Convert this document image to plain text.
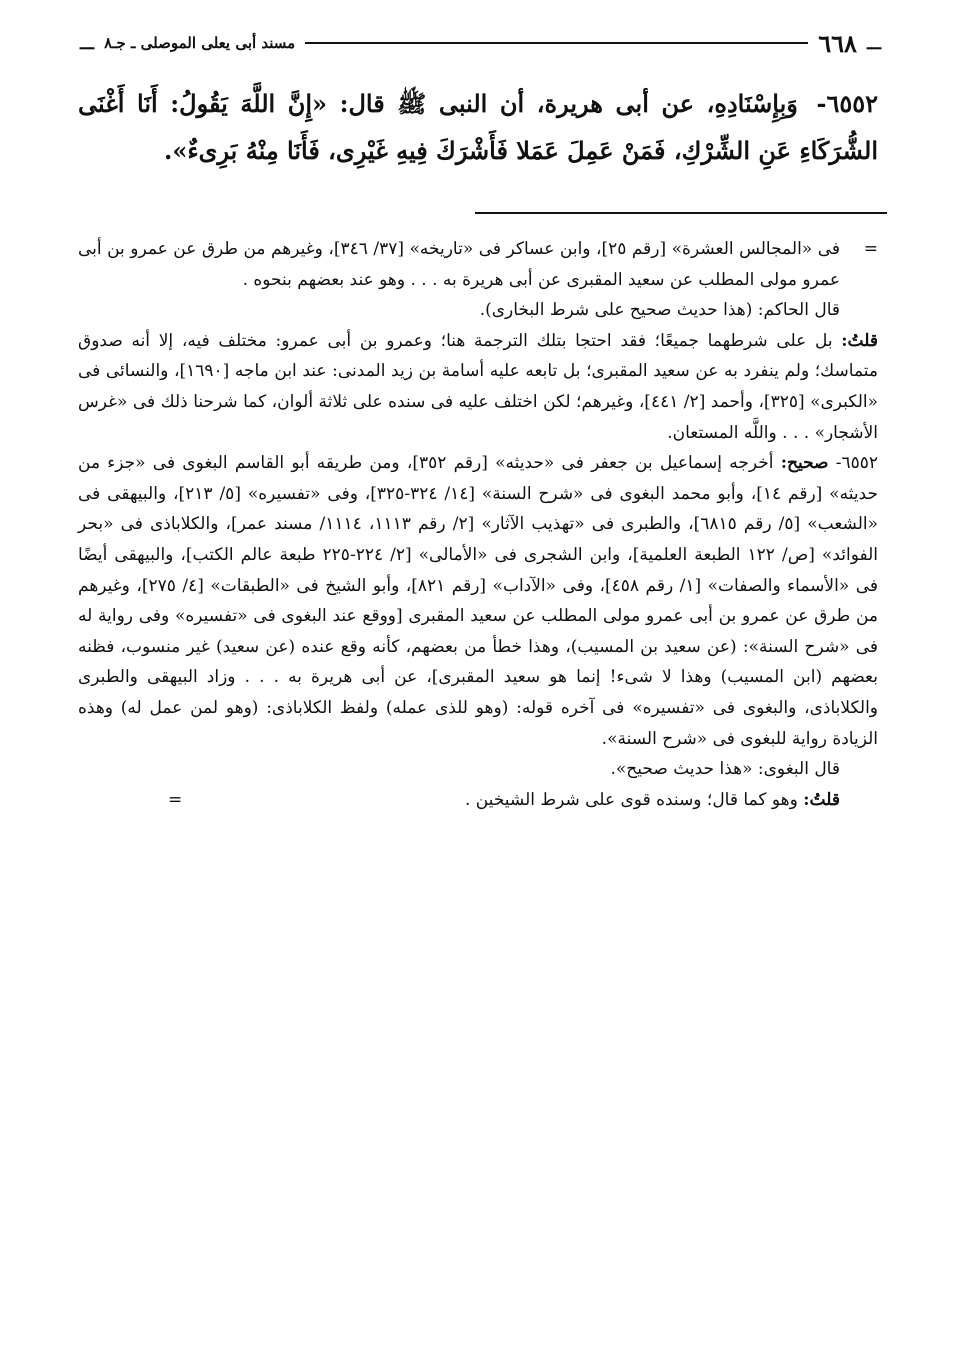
ـــ
٦٦٨
مسند أبى يعلى الموصلى ـ جـ٨
ـــ
٦٥٥٢- وَبِإِسْنَادِهِ، عن أبى هريرة، أن النبى ﷺ قال: «إِنَّ اللَّهَ يَقُولُ: أَنَا أَغْنَى الشُّرَكَاءِ عَنِ الشِّرْكِ، فَمَنْ عَمِلَ عَمَلا فَأَشْرَكَ فِيهِ غَيْرِى، فَأَنَا مِنْهُ بَرِىءٌ».

=
فى «المجالس العشرة» [رقم ٢٥]، وابن عساكر فى «تاريخه» [٣٧/ ٣٤٦]، وغيرهم من طرق عن عمرو بن أبى عمرو مولى المطلب عن سعيد المقبرى عن أبى هريرة به . . . وهو عند بعضهم بنحوه .

قال الحاكم: (هذا حديث صحيح على شرط البخارى).

قلتُ: بل على شرطهما جميعًا؛ فقد احتجا بتلك الترجمة هنا؛ وعمرو بن أبى عمرو: مختلف فيه، إلا أنه صدوق متماسك؛ ولم ينفرد به عن سعيد المقبرى؛ بل تابعه عليه أسامة بن زيد المدنى: عند ابن ماجه [١٦٩٠]، والنسائى فى «الكبرى» [٣٢٥]، وأحمد [٢/ ٤٤١]، وغيرهم؛ لكن اختلف عليه فى سنده على ثلاثة ألوان، كما شرحنا ذلك فى «غرس الأشجار» . . . واللَّه المستعان.

٦٥٥٢- صحيح: أخرجه إسماعيل بن جعفر فى «حديثه» [رقم ٣٥٢]، ومن طريقه أبو القاسم البغوى فى «جزء من حديثه» [رقم ١٤]، وأبو محمد البغوى فى «شرح السنة» [١٤/ ٣٢٤-٣٢٥]، وفى «تفسيره» [٥/ ٢١٣]، والبيهقى فى «الشعب» [٥/ رقم ٦٨١٥]، والطبرى فى «تهذيب الآثار» [٢/ رقم ١١١٣، ١١١٤/ مسند عمر]، والكلاباذى فى «بحر الفوائد» [ص/ ١٢٢ الطبعة العلمية]، وابن الشجرى فى «الأمالى» [٢/ ٢٢٤-٢٢٥ طبعة عالم الكتب]، والبيهقى أيضًا فى «الأسماء والصفات» [١/ رقم ٤٥٨]، وفى «الآداب» [رقم ٨٢١]، وأبو الشيخ فى «الطبقات» [٤/ ٢٧٥]، وغيرهم من طرق عن عمرو بن أبى عمرو مولى المطلب عن سعيد المقبرى [ووقع عند البغوى فى «تفسيره» وفى رواية له فى «شرح السنة»: (عن سعيد بن المسيب)، وهذا خطأ من بعضهم، كأنه وقع عنده (عن سعيد) غير منسوب، فظنه بعضهم (ابن المسيب) وهذا لا شىء! إنما هو سعيد المقبرى]، عن أبى هريرة به . . . وزاد البيهقى والطبرى والكلاباذى، والبغوى فى «تفسيره» فى آخره قوله: (وهو للذى عمله) ولفظ الكلاباذى: (وهو لمن عمل له) وهذه الزيادة رواية للبغوى فى «شرح السنة».

قال البغوى: «هذا حديث صحيح».

قلتُ: وهو كما قال؛ وسنده قوى على شرط الشيخين .
=
